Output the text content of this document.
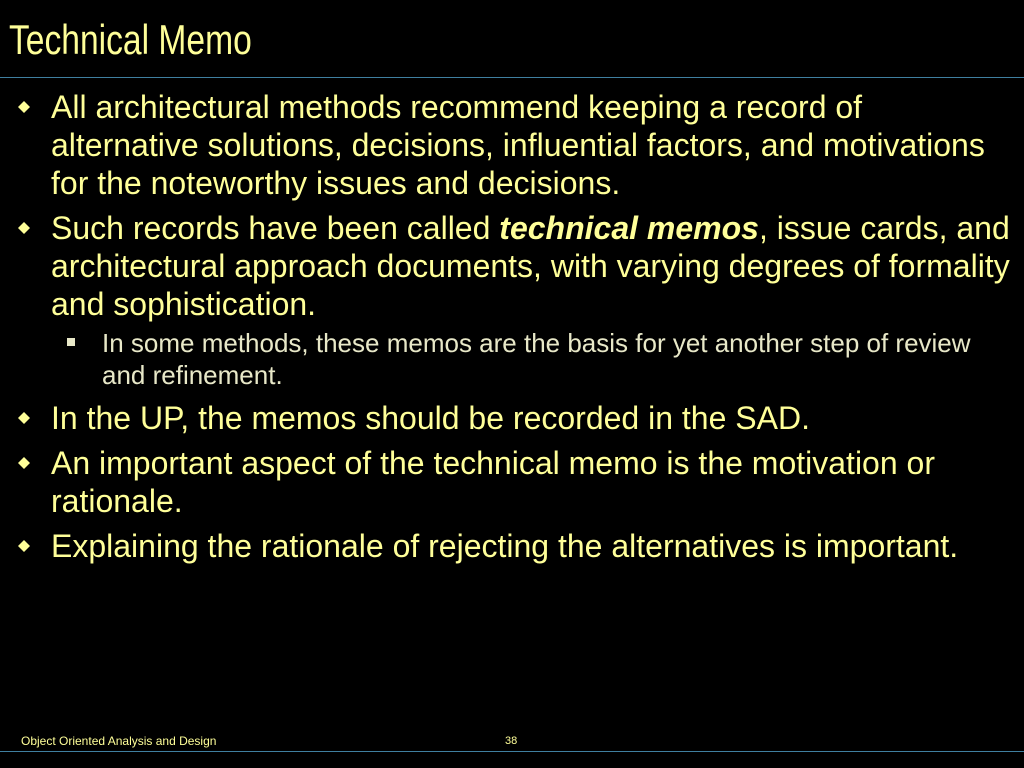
Technical Memo
All architectural methods recommend keeping a record of alternative solutions, decisions, influential factors, and motivations for the noteworthy issues and decisions.
Such records have been called technical memos, issue cards, and architectural approach documents, with varying degrees of formality and sophistication.
In some methods, these memos are the basis for yet another step of review and refinement.
In the UP, the memos should be recorded in the SAD.
An important aspect of the technical memo is the motivation or rationale.
Explaining the rationale of rejecting the alternatives is important.
Object Oriented Analysis and Design	38
